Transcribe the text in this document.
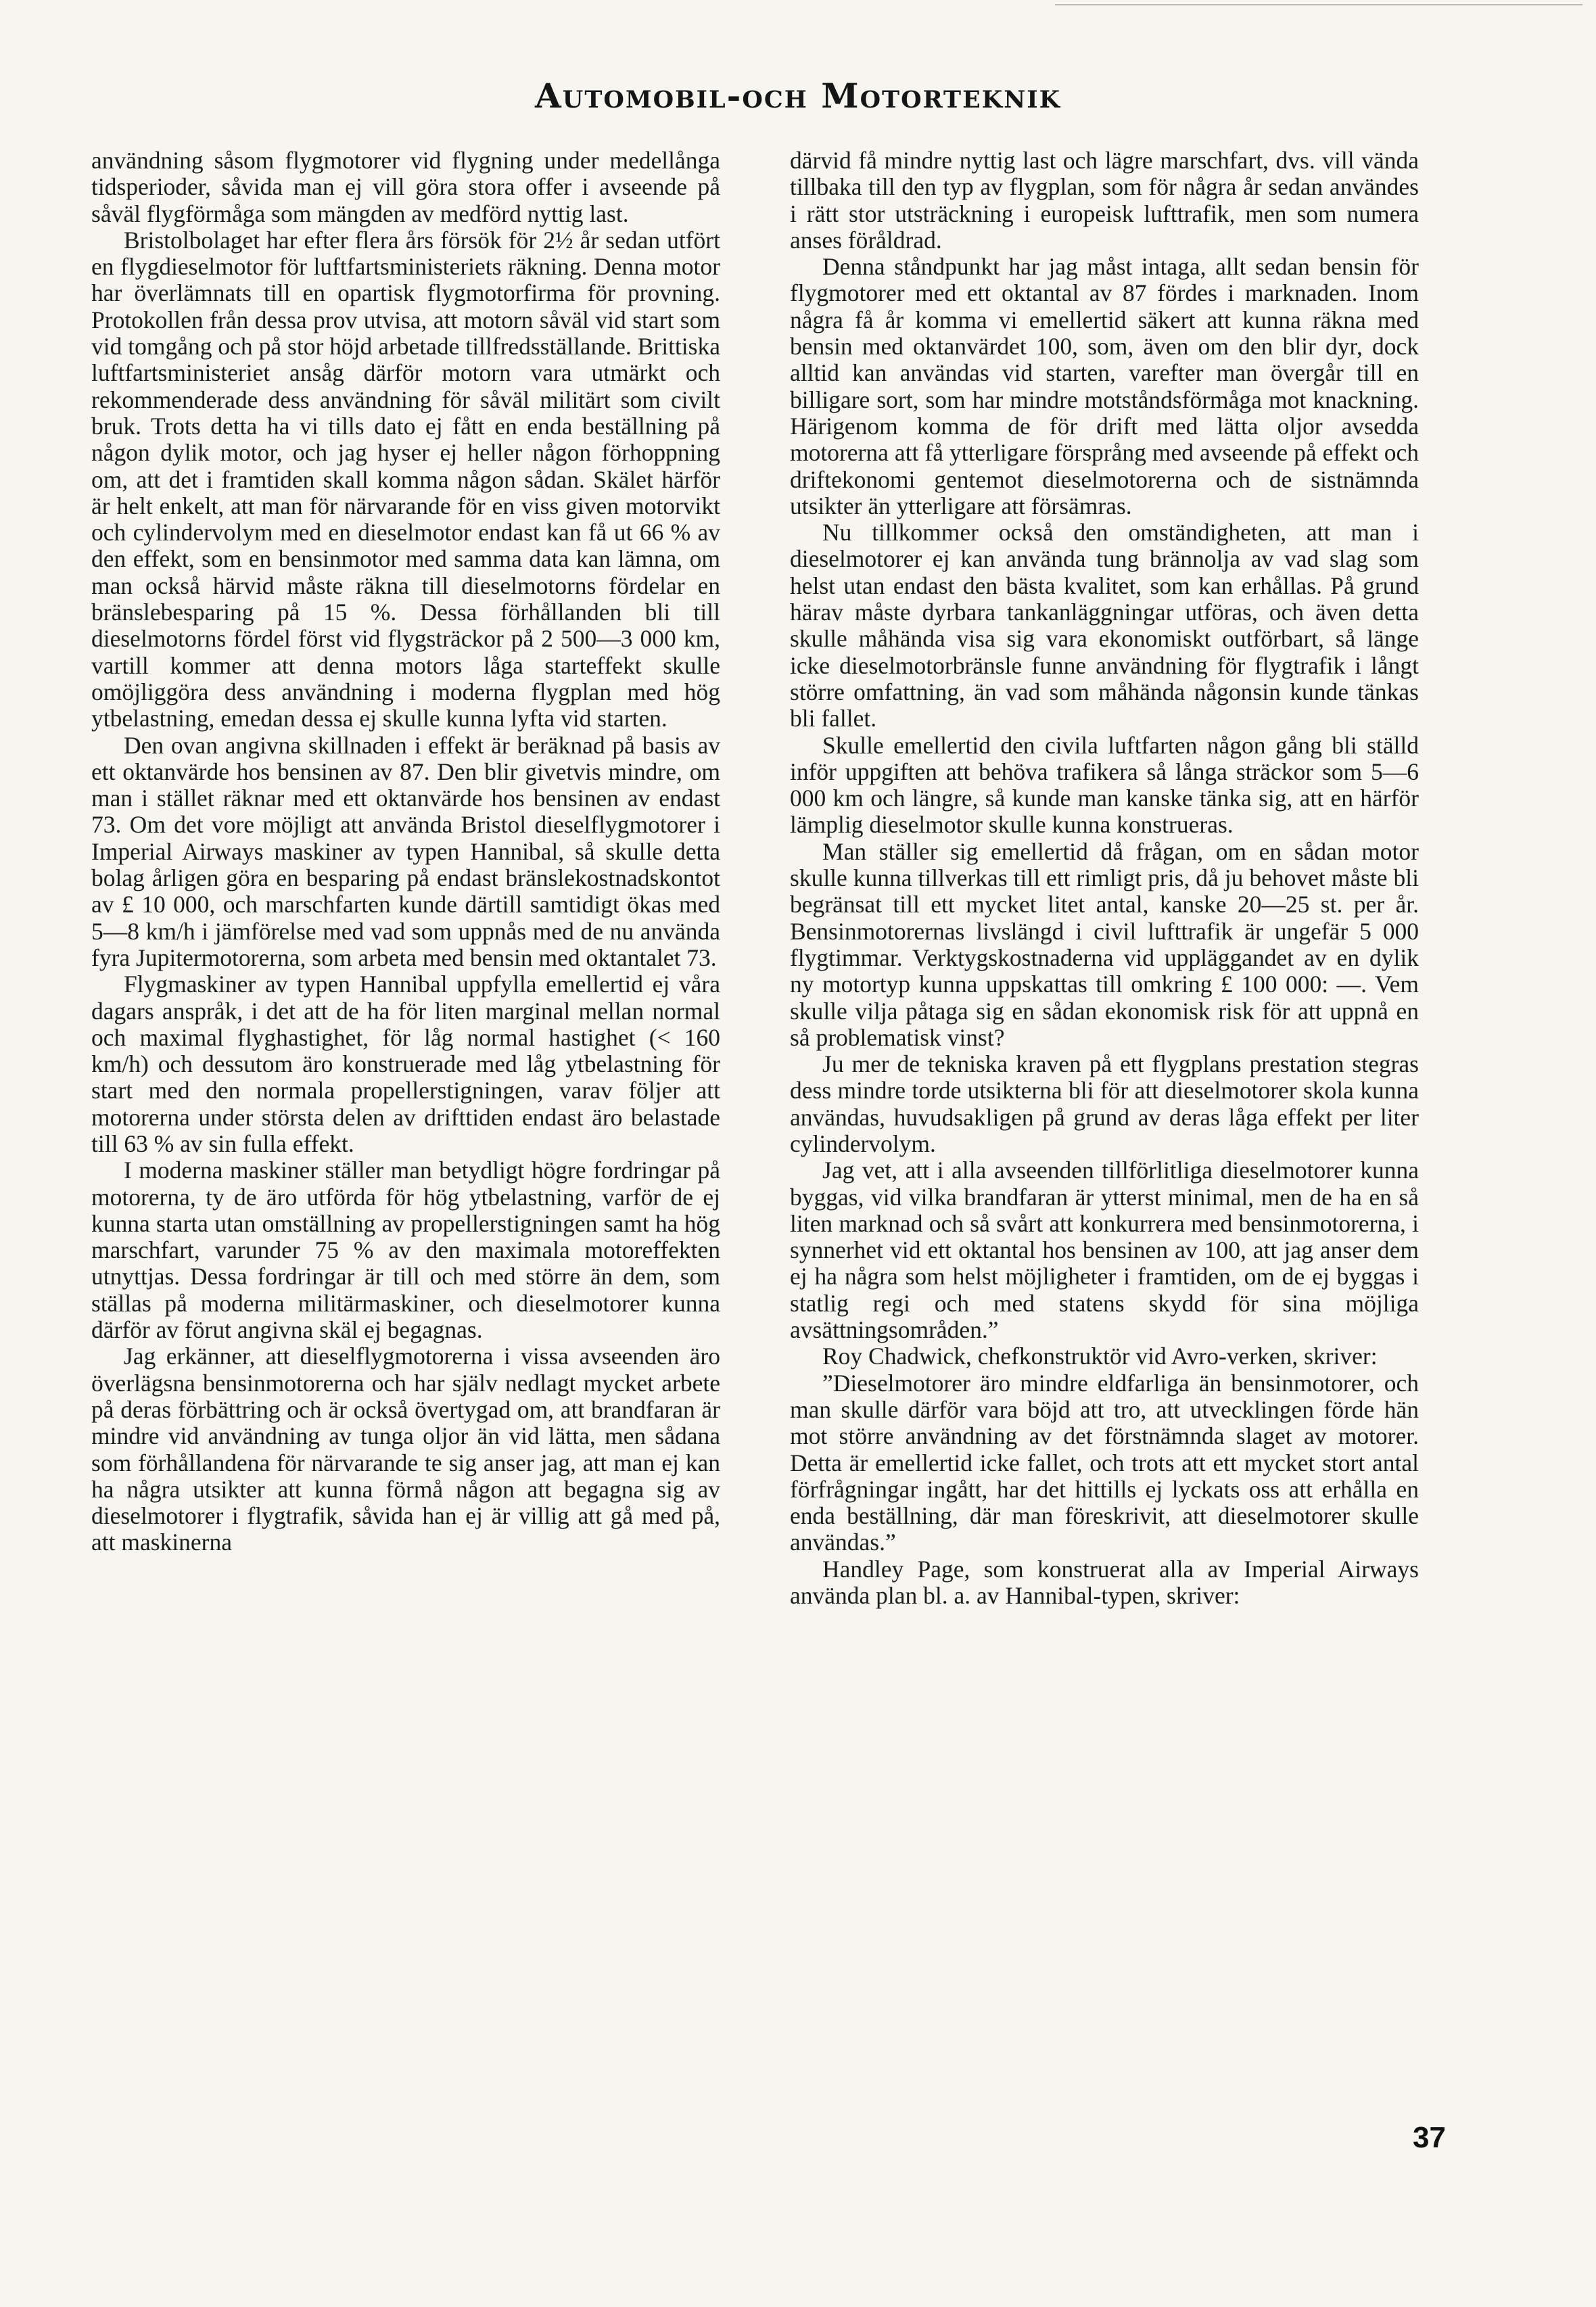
Automobil-och Motorteknik

användning såsom flygmotorer vid flygning under medellånga tidsperioder, såvida man ej vill göra stora offer i avseende på såväl flygförmåga som mängden av medförd nyttig last.

Bristolbolaget har efter flera års försök för 2½ år sedan utfört en flygdieselmotor för luftfartsministeriets räkning. Denna motor har överlämnats till en opartisk flygmotorfirma för provning. Protokollen från dessa prov utvisa, att motorn såväl vid start som vid tomgång och på stor höjd arbetade tillfredsställande. Brittiska luftfartsministeriet ansåg därför motorn vara utmärkt och rekommenderade dess användning för såväl militärt som civilt bruk. Trots detta ha vi tills dato ej fått en enda beställning på någon dylik motor, och jag hyser ej heller någon förhoppning om, att det i framtiden skall komma någon sådan. Skälet härför är helt enkelt, att man för närvarande för en viss given motorvikt och cylindervolym med en dieselmotor endast kan få ut 66 % av den effekt, som en bensinmotor med samma data kan lämna, om man också härvid måste räkna till dieselmotorns fördelar en bränslebesparing på 15 %. Dessa förhållanden bli till dieselmotorns fördel först vid flygsträckor på 2 500—3 000 km, vartill kommer att denna motors låga starteffekt skulle omöjliggöra dess användning i moderna flygplan med hög ytbelastning, emedan dessa ej skulle kunna lyfta vid starten.

Den ovan angivna skillnaden i effekt är beräknad på basis av ett oktanvärde hos bensinen av 87. Den blir givetvis mindre, om man i stället räknar med ett oktanvärde hos bensinen av endast 73. Om det vore möjligt att använda Bristol dieselflygmotorer i Imperial Airways maskiner av typen Hannibal, så skulle detta bolag årligen göra en besparing på endast bränslekostnadskontot av £ 10 000, och marschfarten kunde därtill samtidigt ökas med 5—8 km/h i jämförelse med vad som uppnås med de nu använda fyra Jupitermotorerna, som arbeta med bensin med oktantalet 73.

Flygmaskiner av typen Hannibal uppfylla emellertid ej våra dagars anspråk, i det att de ha för liten marginal mellan normal och maximal flyghastighet, för låg normal hastighet (< 160 km/h) och dessutom äro konstruerade med låg ytbelastning för start med den normala propellerstigningen, varav följer att motorerna under största delen av drifttiden endast äro belastade till 63 % av sin fulla effekt.

I moderna maskiner ställer man betydligt högre fordringar på motorerna, ty de äro utförda för hög ytbelastning, varför de ej kunna starta utan omställning av propellerstigningen samt ha hög marschfart, varunder 75 % av den maximala motoreffekten utnyttjas. Dessa fordringar är till och med större än dem, som ställas på moderna militärmaskiner, och dieselmotorer kunna därför av förut angivna skäl ej begagnas.

Jag erkänner, att dieselflygmotorerna i vissa avseenden äro överlägsna bensinmotorerna och har själv nedlagt mycket arbete på deras förbättring och är också övertygad om, att brandfaran är mindre vid användning av tunga oljor än vid lätta, men sådana som förhållandena för närvarande te sig anser jag, att man ej kan ha några utsikter att kunna förmå någon att begagna sig av dieselmotorer i flygtrafik, såvida han ej är villig att gå med på, att maskinerna

därvid få mindre nyttig last och lägre marschfart, dvs. vill vända tillbaka till den typ av flygplan, som för några år sedan användes i rätt stor utsträckning i europeisk lufttrafik, men som numera anses föråldrad.

Denna ståndpunkt har jag måst intaga, allt sedan bensin för flygmotorer med ett oktantal av 87 fördes i marknaden. Inom några få år komma vi emellertid säkert att kunna räkna med bensin med oktanvärdet 100, som, även om den blir dyr, dock alltid kan användas vid starten, varefter man övergår till en billigare sort, som har mindre motståndsförmåga mot knackning. Härigenom komma de för drift med lätta oljor avsedda motorerna att få ytterligare försprång med avseende på effekt och driftekonomi gentemot dieselmotorerna och de sistnämnda utsikter än ytterligare att försämras.

Nu tillkommer också den omständigheten, att man i dieselmotorer ej kan använda tung brännolja av vad slag som helst utan endast den bästa kvalitet, som kan erhållas. På grund härav måste dyrbara tankanläggningar utföras, och även detta skulle måhända visa sig vara ekonomiskt outförbart, så länge icke dieselmotorbränsle funne användning för flygtrafik i långt större omfattning, än vad som måhända någonsin kunde tänkas bli fallet.

Skulle emellertid den civila luftfarten någon gång bli ställd inför uppgiften att behöva trafikera så långa sträckor som 5—6 000 km och längre, så kunde man kanske tänka sig, att en härför lämplig dieselmotor skulle kunna konstrueras.

Man ställer sig emellertid då frågan, om en sådan motor skulle kunna tillverkas till ett rimligt pris, då ju behovet måste bli begränsat till ett mycket litet antal, kanske 20—25 st. per år. Bensinmotorernas livslängd i civil lufttrafik är ungefär 5 000 flygtimmar. Verktygskostnaderna vid uppläggandet av en dylik ny motortyp kunna uppskattas till omkring £ 100 000: —. Vem skulle vilja påtaga sig en sådan ekonomisk risk för att uppnå en så problematisk vinst?

Ju mer de tekniska kraven på ett flygplans prestation stegras dess mindre torde utsikterna bli för att dieselmotorer skola kunna användas, huvudsakligen på grund av deras låga effekt per liter cylindervolym.

Jag vet, att i alla avseenden tillförlitliga dieselmotorer kunna byggas, vid vilka brandfaran är ytterst minimal, men de ha en så liten marknad och så svårt att konkurrera med bensinmotorerna, i synnerhet vid ett oktantal hos bensinen av 100, att jag anser dem ej ha några som helst möjligheter i framtiden, om de ej byggas i statlig regi och med statens skydd för sina möjliga avsättningsområden.”

Roy Chadwick, chefkonstruktör vid Avro-verken, skriver:

”Dieselmotorer äro mindre eldfarliga än bensinmotorer, och man skulle därför vara böjd att tro, att utvecklingen förde hän mot större användning av det förstnämnda slaget av motorer. Detta är emellertid icke fallet, och trots att ett mycket stort antal förfrågningar ingått, har det hittills ej lyckats oss att erhålla en enda beställning, där man föreskrivit, att dieselmotorer skulle användas.”

Handley Page, som konstruerat alla av Imperial Airways använda plan bl. a. av Hannibal-typen, skriver:

37
